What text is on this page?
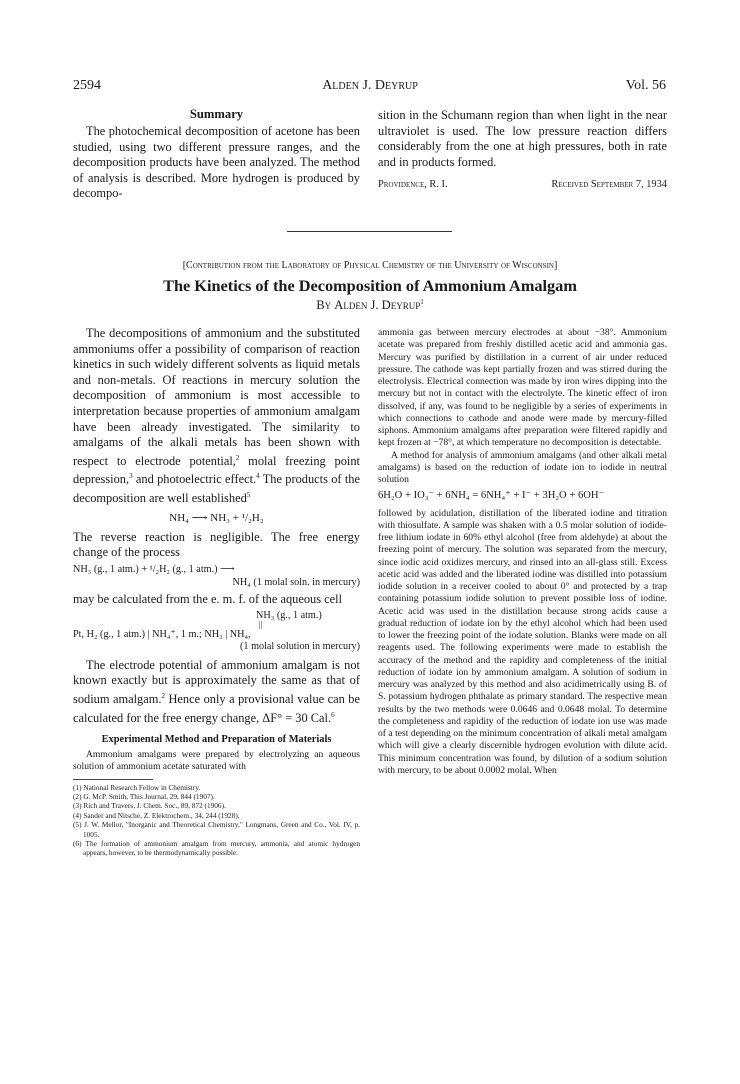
2594	Alden J. Deyrup	Vol. 56
Summary

The photochemical decomposition of acetone has been studied, using two different pressure ranges, and the decomposition products have been analyzed. The method of analysis is described. More hydrogen is produced by decompo-

sition in the Schumann region than when light in the near ultraviolet is used. The low pressure reaction differs considerably from the one at high pressures, both in rate and in products formed.

Providence, R. I.	Received September 7, 1934
[Contribution from the Laboratory of Physical Chemistry of the University of Wisconsin]
The Kinetics of the Decomposition of Ammonium Amalgam
By Alden J. Deyrup$^1$

The decompositions of ammonium and the substituted ammoniums offer a possibility of comparison of reaction kinetics in such widely different solvents as liquid metals and non-metals. Of reactions in mercury solution the decomposition of ammonium is most accessible to interpretation because properties of ammonium amalgam have been already investigated. The similarity to amalgams of the alkali metals has been shown with respect to electrode potential,$^2$ molal freezing point depression,$^3$ and photoelectric effect.$^4$ The products of the decomposition are well established$^5$

NH₄ ⟶ NH₃ + ¹/₂H₂

The reverse reaction is negligible. The free energy change of the process

NH₃ (g., 1 atm.) + ¹/₂H₂ (g., 1 atm.) ⟶
NH₄ (1 molal soln. in mercury)

may be calculated from the e. m. f. of the aqueous cell

NH₃ (g., 1 atm.)
||
Pt, H₂ (g., 1 atm.) | NH₄⁺, 1 m.; NH₃ | NH₄,
(1 molal solution in mercury)

The electrode potential of ammonium amalgam is not known exactly but is approximately the same as that of sodium amalgam.$^2$ Hence only a provisional value can be calculated for the free energy change, ΔF° = 30 Cal.$^6$

Experimental Method and Preparation of Materials

Ammonium amalgams were prepared by electrolyzing an aqueous solution of ammonium acetate saturated with

(1) National Research Fellow in Chemistry.

(2) G. McP. Smith, This Journal, 29, 844 (1907).

(3) Rich and Travers, J. Chem. Soc., 89, 872 (1906).

(4) Sander and Nitsche, Z. Elektrochem., 34, 244 (1928).

(5) J. W. Mellor, "Inorganic and Theoretical Chemistry," Longmans, Green and Co., Vol. IV, p. 1005.

(6) The formation of ammonium amalgam from mercury, ammonia, and atomic hydrogen appears, however, to be thermodynamically possible.

ammonia gas between mercury electrodes at about −38°. Ammonium acetate was prepared from freshly distilled acetic acid and ammonia gas. Mercury was purified by distillation in a current of air under reduced pressure. The cathode was kept partially frozen and was stirred during the electrolysis. Electrical connection was made by iron wires dipping into the mercury but not in contact with the electrolyte. The kinetic effect of iron dissolved, if any, was found to be negligible by a series of experiments in which connections to cathode and anode were made by mercury-filled siphons. Ammonium amalgams after preparation were filtered rapidly and kept frozen at −78°, at which temperature no decomposition is detectable.

A method for analysis of ammonium amalgams (and other alkali metal amalgams) is based on the reduction of iodate ion to iodide in neutral solution

6H₂O + IO₃⁻ + 6NH₄ = 6NH₄⁺ + I⁻ + 3H₂O + 6OH⁻

followed by acidulation, distillation of the liberated iodine and titration with thiosulfate. A sample was shaken with a 0.5 molar solution of iodide-free lithium iodate in 60% ethyl alcohol (free from aldehyde) at about the freezing point of mercury. The solution was separated from the mercury, since iodic acid oxidizes mercury, and rinsed into an all-glass still. Excess acetic acid was added and the liberated iodine was distilled into potassium iodide solution in a receiver cooled to about 0° and protected by a trap containing potassium iodide solution to prevent possible loss of iodine. Acetic acid was used in the distillation because strong acids cause a gradual reduction of iodate ion by the ethyl alcohol which had been used to lower the freezing point of the iodate solution. Blanks were made on all reagents used. The following experiments were made to establish the accuracy of the method and the rapidity and completeness of the initial reduction of iodate ion by ammonium amalgam. A solution of sodium in mercury was analyzed by this method and also acidimetrically using B. of S. potassium hydrogen phthalate as primary standard. The respective mean results by the two methods were 0.0646 and 0.0648 molal. To determine the completeness and rapidity of the reduction of iodate ion use was made of a test depending on the minimum concentration of alkali metal amalgam which will give a clearly discernible hydrogen evolution with dilute acid. This minimum concentration was found, by dilution of a sodium solution with mercury, to be about 0.0002 molal. When
